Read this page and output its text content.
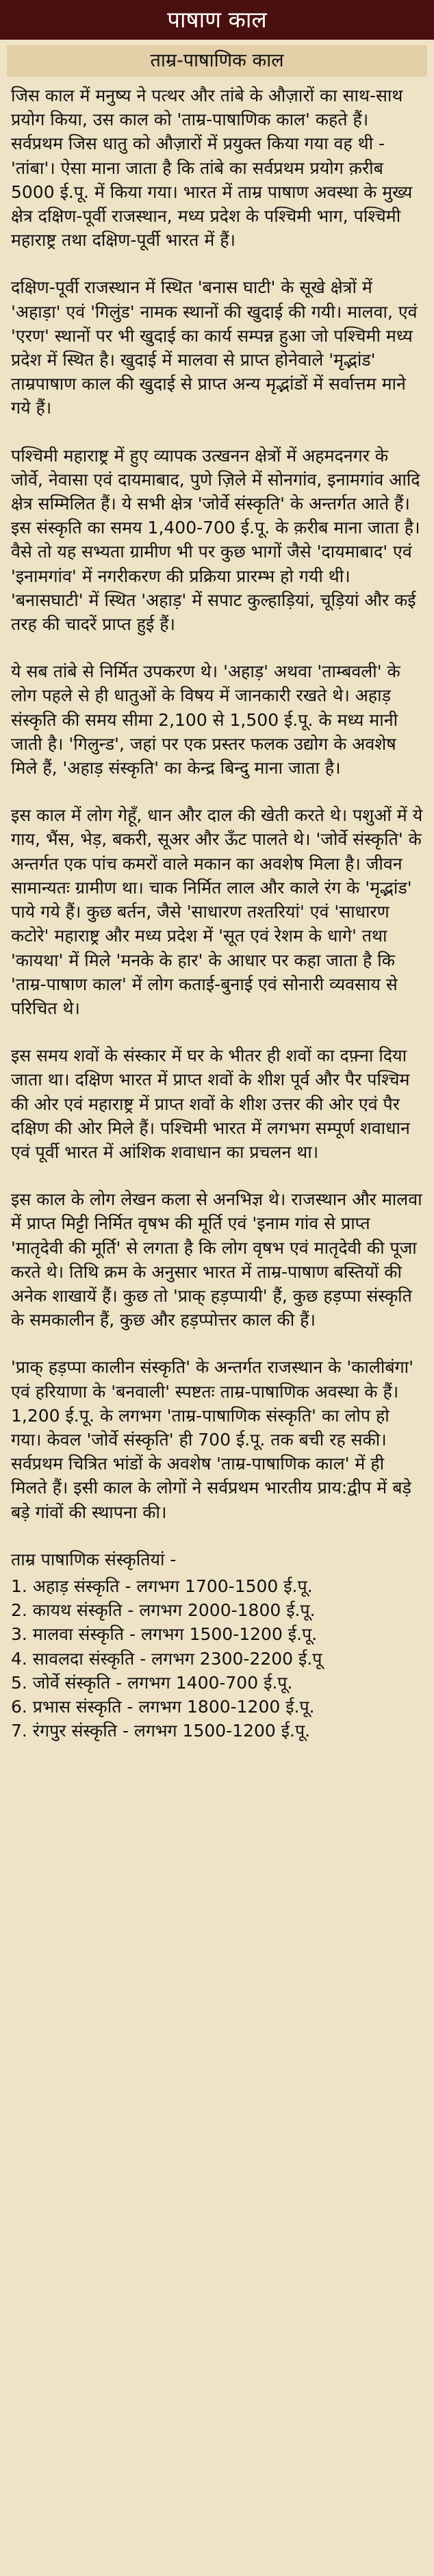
पाषाण काल
ताम्र-पाषाणिक काल

जिस काल में मनुष्य ने पत्थर और तांबे के औज़ारों का साथ-साथ प्रयोग किया, उस काल को 'ताम्र-पाषाणिक काल' कहते हैं। सर्वप्रथम जिस धातु को औज़ारों में प्रयुक्त किया गया वह थी - 'तांबा'। ऐसा माना जाता है कि तांबे का सर्वप्रथम प्रयोग क़रीब 5000 ई.पू. में किया गया। भारत में ताम्र पाषाण अवस्था के मुख्य क्षेत्र दक्षिण-पूर्वी राजस्थान, मध्य प्रदेश के पश्चिमी भाग, पश्चिमी महाराष्ट्र तथा दक्षिण-पूर्वी भारत में हैं।

दक्षिण-पूर्वी राजस्थान में स्थित 'बनास घाटी' के सूखे क्षेत्रों में 'अहाड़ा' एवं 'गिलुंड' नामक स्थानों की खुदाई की गयी। मालवा, एवं 'एरण' स्थानों पर भी खुदाई का कार्य सम्पन्न हुआ जो पश्चिमी मध्य प्रदेश में स्थित है। खुदाई में मालवा से प्राप्त होनेवाले 'मृद्भांड' ताम्रपाषाण काल की खुदाई से प्राप्त अन्य मृद्भांडों में सर्वात्तम माने गये हैं।

पश्चिमी महाराष्ट्र में हुए व्यापक उत्खनन क्षेत्रों में अहमदनगर के जोर्वे, नेवासा एवं दायमाबाद, पुणे ज़िले में सोनगांव, इनामगांव आदि क्षेत्र सम्मिलित हैं। ये सभी क्षेत्र 'जोर्वे संस्कृति' के अन्तर्गत आते हैं। इस संस्कृति का समय 1,400-700 ई.पू. के क़रीब माना जाता है। वैसे तो यह सभ्यता ग्रामीण भी पर कुछ भागों जैसे 'दायमाबाद' एवं 'इनामगांव' में नगरीकरण की प्रक्रिया प्रारम्भ हो गयी थी। 'बनासघाटी' में स्थित 'अहाड़' में सपाट कुल्हाड़ियां, चूड़ियां और कई तरह की चादरें प्राप्त हुई हैं।

ये सब तांबे से निर्मित उपकरण थे। 'अहाड़' अथवा 'ताम्बवली' के लोग पहले से ही धातुओं के विषय में जानकारी रखते थे। अहाड़ संस्कृति की समय सीमा 2,100 से 1,500 ई.पू. के मध्य मानी जाती है। 'गिलुन्ड', जहां पर एक प्रस्तर फलक उद्योग के अवशेष मिले हैं, 'अहाड़ संस्कृति' का केन्द्र बिन्दु माना जाता है।

इस काल में लोग गेहूँ, धान और दाल की खेती करते थे। पशुओं में ये गाय, भैंस, भेड़, बकरी, सूअर और ऊँट पालते थे। 'जोर्वे संस्कृति' के अन्तर्गत एक पांच कमरों वाले मकान का अवशेष मिला है। जीवन सामान्यतः ग्रामीण था। चाक निर्मित लाल और काले रंग के 'मृद्भांड' पाये गये हैं। कुछ बर्तन, जैसे 'साधारण तश्तरियां' एवं 'साधारण कटोरे' महाराष्ट्र और मध्य प्रदेश में 'सूत एवं रेशम के धागे' तथा 'कायथा' में मिले 'मनके के हार' के आधार पर कहा जाता है कि 'ताम्र-पाषाण काल' में लोग कताई-बुनाई एवं सोनारी व्यवसाय से परिचित थे।

इस समय शवों के संस्कार में घर के भीतर ही शवों का दफ़्ना दिया जाता था। दक्षिण भारत में प्राप्त शवों के शीश पूर्व और पैर पश्चिम की ओर एवं महाराष्ट्र में प्राप्त शवों के शीश उत्तर की ओर एवं पैर दक्षिण की ओर मिले हैं। पश्चिमी भारत में लगभग सम्पूर्ण शवाधान एवं पूर्वी भारत में आंशिक शवाधान का प्रचलन था।

इस काल के लोग लेखन कला से अनभिज्ञ थे। राजस्थान और मालवा में प्राप्त मिट्टी निर्मित वृषभ की मूर्ति एवं 'इनाम गांव से प्राप्त 'मातृदेवी की मूर्ति' से लगता है कि लोग वृषभ एवं मातृदेवी की पूजा करते थे। तिथि क्रम के अनुसार भारत में ताम्र-पाषाण बस्तियों की अनेक शाखायें हैं। कुछ तो 'प्राक् हड़प्पायी' हैं, कुछ हड़प्पा संस्कृति के समकालीन हैं, कुछ और हड़प्पोत्तर काल की हैं।

'प्राक् हड़प्पा कालीन संस्कृति' के अन्तर्गत राजस्थान के 'कालीबंगा' एवं हरियाणा के 'बनवाली' स्पष्टतः ताम्र-पाषाणिक अवस्था के हैं। 1,200 ई.पू. के लगभग 'ताम्र-पाषाणिक संस्कृति' का लोप हो गया। केवल 'जोर्वे संस्कृति' ही 700 ई.पू. तक बची रह सकी। सर्वप्रथम चित्रित भांडों के अवशेष 'ताम्र-पाषाणिक काल' में ही मिलते हैं। इसी काल के लोगों ने सर्वप्रथम भारतीय प्राय:द्वीप में बड़े बड़े गांवों की स्थापना की।

ताम्र पाषाणिक संस्कृतियां -
1. अहाड़ संस्कृति - लगभग 1700-1500 ई.पू.
2. कायथ संस्कृति - लगभग 2000-1800 ई.पू.
3. मालवा संस्कृति - लगभग 1500-1200 ई.पू.
4. सावलदा संस्कृति - लगभग 2300-2200 ई.पू
5. जोर्वे संस्कृति - लगभग 1400-700 ई.पू.
6. प्रभास संस्कृति - लगभग 1800-1200 ई.पू.
7. रंगपुर संस्कृति - लगभग 1500-1200 ई.पू.
